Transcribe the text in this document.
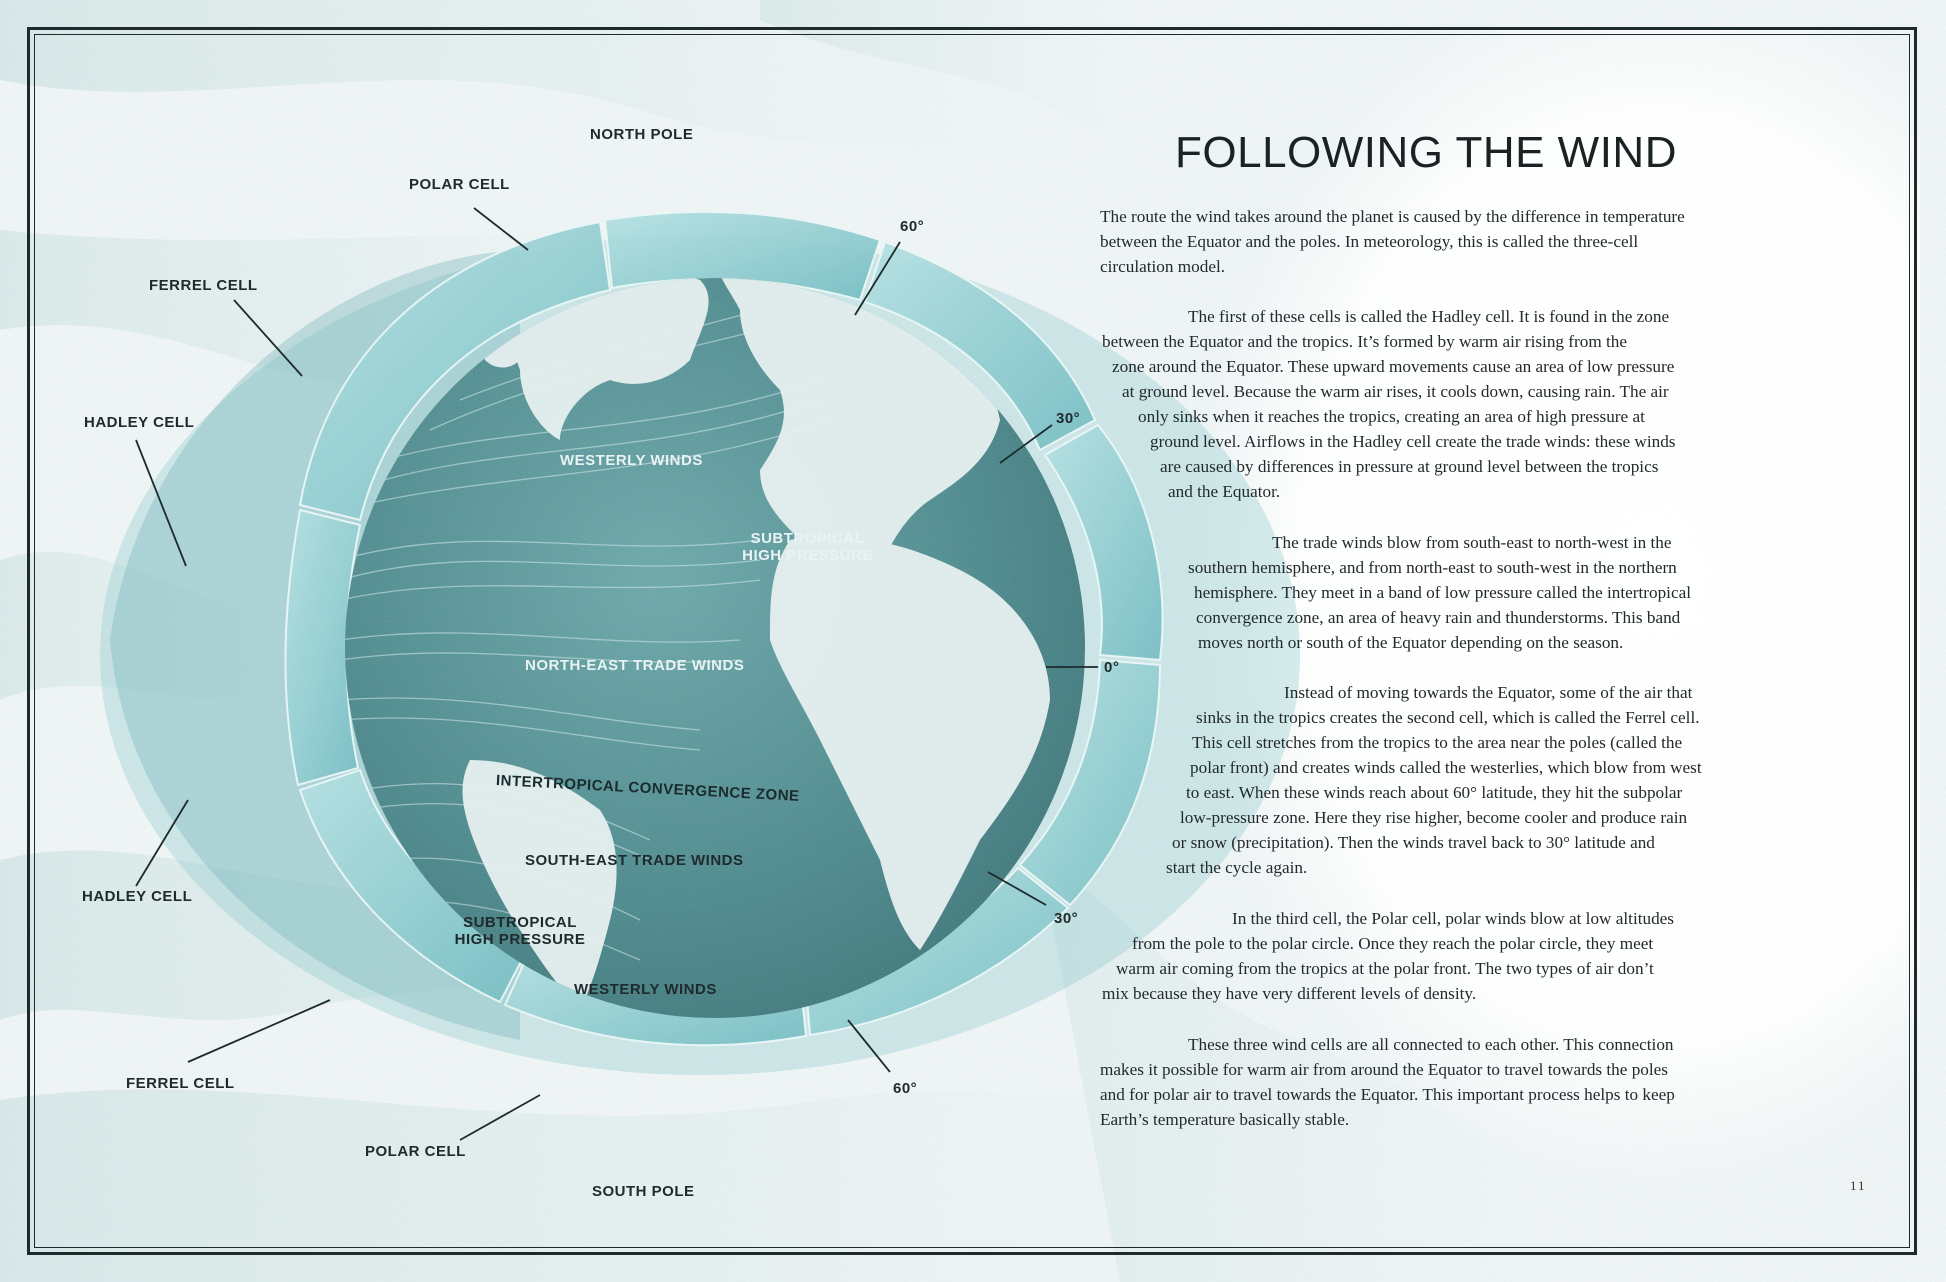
NORTH POLE
POLAR CELL
FERREL CELL
HADLEY CELL
WESTERLY WINDS
SUBTROPICAL
HIGH PRESSURE
NORTH-EAST TRADE WINDS
INTERTROPICAL CONVERGENCE ZONE
SOUTH-EAST TRADE WINDS
HADLEY CELL
SUBTROPICAL
HIGH PRESSURE
WESTERLY WINDS
FERREL CELL
POLAR CELL
SOUTH POLE
60°
30°
0°
30°
60°
FOLLOWING THE WIND
The route the wind takes around the planet is caused by the difference in temperature
between the Equator and the poles. In meteorology, this is called the three-cell
circulation model.
The first of these cells is called the Hadley cell. It is found in the zone
between the Equator and the tropics. It’s formed by warm air rising from the
zone around the Equator. These upward movements cause an area of low pressure
at ground level. Because the warm air rises, it cools down, causing rain. The air
only sinks when it reaches the tropics, creating an area of high pressure at
ground level. Airflows in the Hadley cell create the trade winds: these winds
are caused by differences in pressure at ground level between the tropics
and the Equator.
The trade winds blow from south-east to north-west in the
southern hemisphere, and from north-east to south-west in the northern
hemisphere. They meet in a band of low pressure called the intertropical
convergence zone, an area of heavy rain and thunderstorms. This band
moves north or south of the Equator depending on the season.
Instead of moving towards the Equator, some of the air that
sinks in the tropics creates the second cell, which is called the Ferrel cell.
This cell stretches from the tropics to the area near the poles (called the
polar front) and creates winds called the westerlies, which blow from west
to east. When these winds reach about 60° latitude, they hit the subpolar
low-pressure zone. Here they rise higher, become cooler and produce rain
or snow (precipitation). Then the winds travel back to 30° latitude and
start the cycle again.
In the third cell, the Polar cell, polar winds blow at low altitudes
from the pole to the polar circle. Once they reach the polar circle, they meet
warm air coming from the tropics at the polar front. The two types of air don’t
mix because they have very different levels of density.
These three wind cells are all connected to each other. This connection
makes it possible for warm air from around the Equator to travel towards the poles
and for polar air to travel towards the Equator. This important process helps to keep
Earth’s temperature basically stable.
11
